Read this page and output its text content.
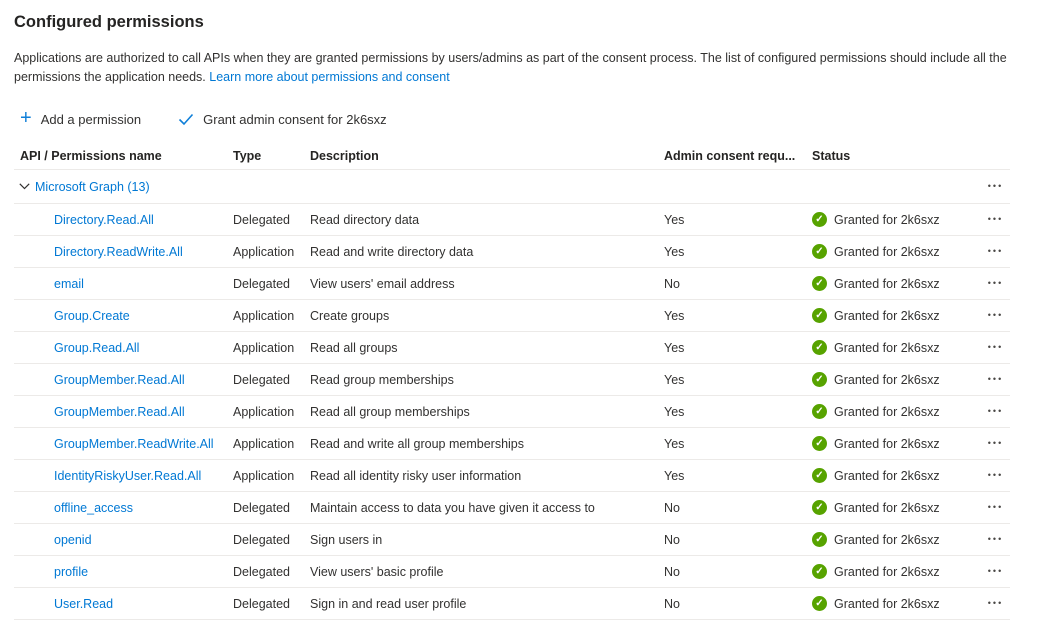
Configured permissions

Applications are authorized to call APIs when they are granted permissions by users/admins as part of the consent process. The list of configured permissions should include all the permissions the application needs. Learn more about permissions and consent

+ Add a permission	Grant admin consent for 2k6sxz
API / Permissions name	Type	Description	Admin consent requ...	Status
Microsoft Graph (13)	•••
Directory.Read.All	Delegated	Read directory data	Yes	✓ Granted for 2k6sxz	•••
Directory.ReadWrite.All	Application	Read and write directory data	Yes	✓ Granted for 2k6sxz	•••
email	Delegated	View users' email address	No	✓ Granted for 2k6sxz	•••
Group.Create	Application	Create groups	Yes	✓ Granted for 2k6sxz	•••
Group.Read.All	Application	Read all groups	Yes	✓ Granted for 2k6sxz	•••
GroupMember.Read.All	Delegated	Read group memberships	Yes	✓ Granted for 2k6sxz	•••
GroupMember.Read.All	Application	Read all group memberships	Yes	✓ Granted for 2k6sxz	•••
GroupMember.ReadWrite.All	Application	Read and write all group memberships	Yes	✓ Granted for 2k6sxz	•••
IdentityRiskyUser.Read.All	Application	Read all identity risky user information	Yes	✓ Granted for 2k6sxz	•••
offline_access	Delegated	Maintain access to data you have given it access to	No	✓ Granted for 2k6sxz	•••
openid	Delegated	Sign users in	No	✓ Granted for 2k6sxz	•••
profile	Delegated	View users' basic profile	No	✓ Granted for 2k6sxz	•••
User.Read	Delegated	Sign in and read user profile	No	✓ Granted for 2k6sxz	•••
